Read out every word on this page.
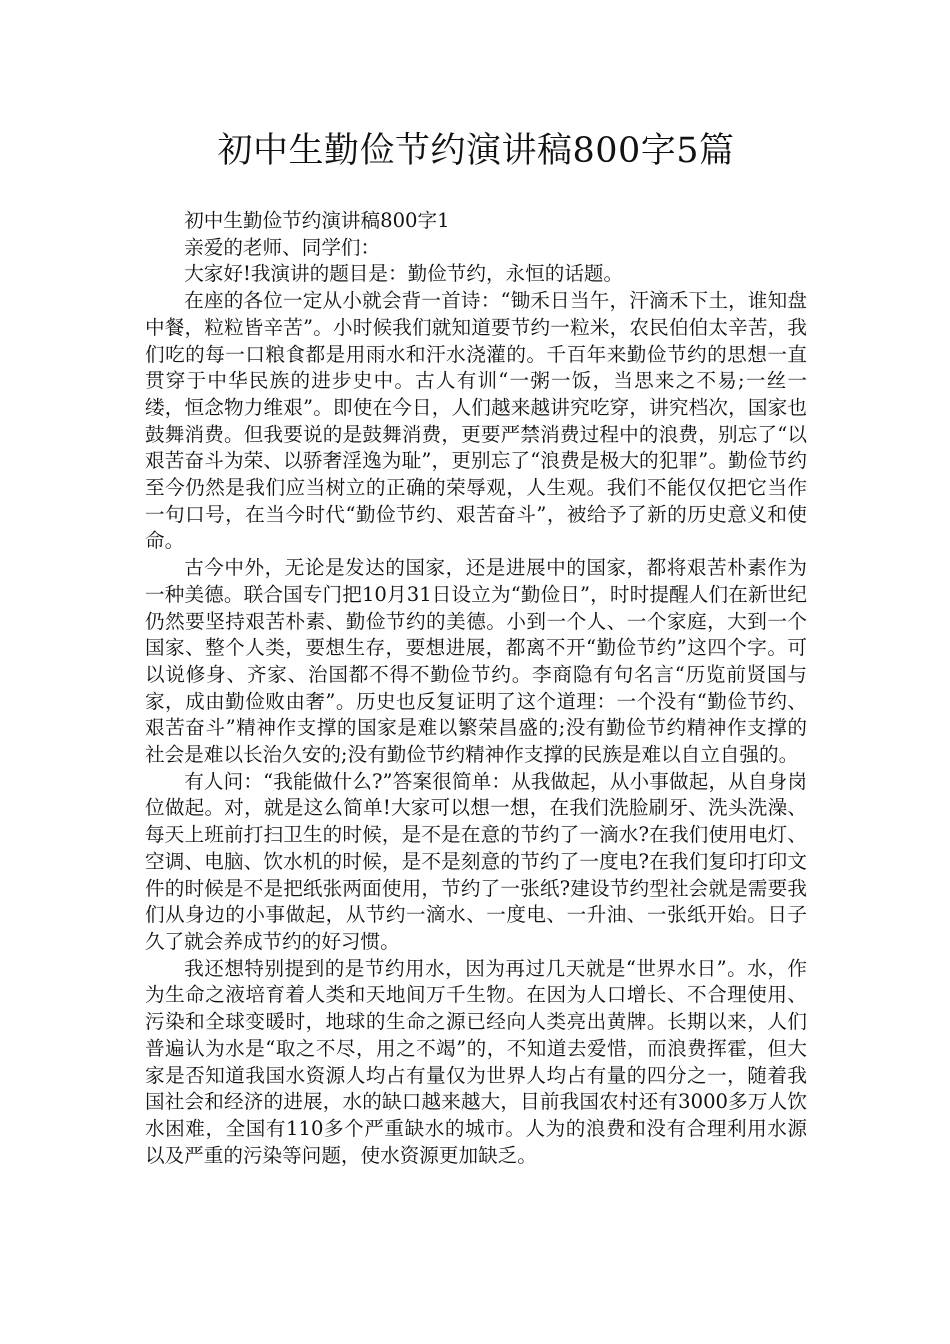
初中生勤俭节约演讲稿800字5篇

初中生勤俭节约演讲稿800字1

亲爱的老师、同学们：

大家好!我演讲的题目是：勤俭节约，永恒的话题。

在座的各位一定从小就会背一首诗：“锄禾日当午，汗滴禾下土，谁知盘中餐，粒粒皆辛苦”。小时候我们就知道要节约一粒米，农民伯伯太辛苦，我们吃的每一口粮食都是用雨水和汗水浇灌的。千百年来勤俭节约的思想一直贯穿于中华民族的进步史中。古人有训“一粥一饭，当思来之不易;一丝一缕，恒念物力维艰”。即使在今日，人们越来越讲究吃穿，讲究档次，国家也鼓舞消费。但我要说的是鼓舞消费，更要严禁消费过程中的浪费，别忘了“以艰苦奋斗为荣、以骄奢淫逸为耻”，更别忘了“浪费是极大的犯罪”。勤俭节约至今仍然是我们应当树立的正确的荣辱观，人生观。我们不能仅仅把它当作一句口号，在当今时代“勤俭节约、艰苦奋斗”，被给予了新的历史意义和使命。

古今中外，无论是发达的国家，还是进展中的国家，都将艰苦朴素作为一种美德。联合国专门把10月31日设立为“勤俭日”，时时提醒人们在新世纪仍然要坚持艰苦朴素、勤俭节约的美德。小到一个人、一个家庭，大到一个国家、整个人类，要想生存，要想进展，都离不开“勤俭节约”这四个字。可以说修身、齐家、治国都不得不勤俭节约。李商隐有句名言“历览前贤国与家，成由勤俭败由奢”。历史也反复证明了这个道理：一个没有“勤俭节约、艰苦奋斗”精神作支撑的国家是难以繁荣昌盛的;没有勤俭节约精神作支撑的社会是难以长治久安的;没有勤俭节约精神作支撑的民族是难以自立自强的。

有人问：“我能做什么?”答案很简单：从我做起，从小事做起，从自身岗位做起。对，就是这么简单!大家可以想一想，在我们洗脸刷牙、洗头洗澡、每天上班前打扫卫生的时候，是不是在意的节约了一滴水?在我们使用电灯、空调、电脑、饮水机的时候，是不是刻意的节约了一度电?在我们复印打印文件的时候是不是把纸张两面使用，节约了一张纸?建设节约型社会就是需要我们从身边的小事做起，从节约一滴水、一度电、一升油、一张纸开始。日子久了就会养成节约的好习惯。

我还想特别提到的是节约用水，因为再过几天就是“世界水日”。水，作为生命之液培育着人类和天地间万千生物。在因为人口增长、不合理使用、污染和全球变暖时，地球的生命之源已经向人类亮出黄牌。长期以来，人们普遍认为水是“取之不尽，用之不竭”的，不知道去爱惜，而浪费挥霍，但大家是否知道我国水资源人均占有量仅为世界人均占有量的四分之一，随着我国社会和经济的进展，水的缺口越来越大，目前我国农村还有3000多万人饮水困难，全国有110多个严重缺水的城市。人为的浪费和没有合理利用水源以及严重的污染等问题，使水资源更加缺乏。
